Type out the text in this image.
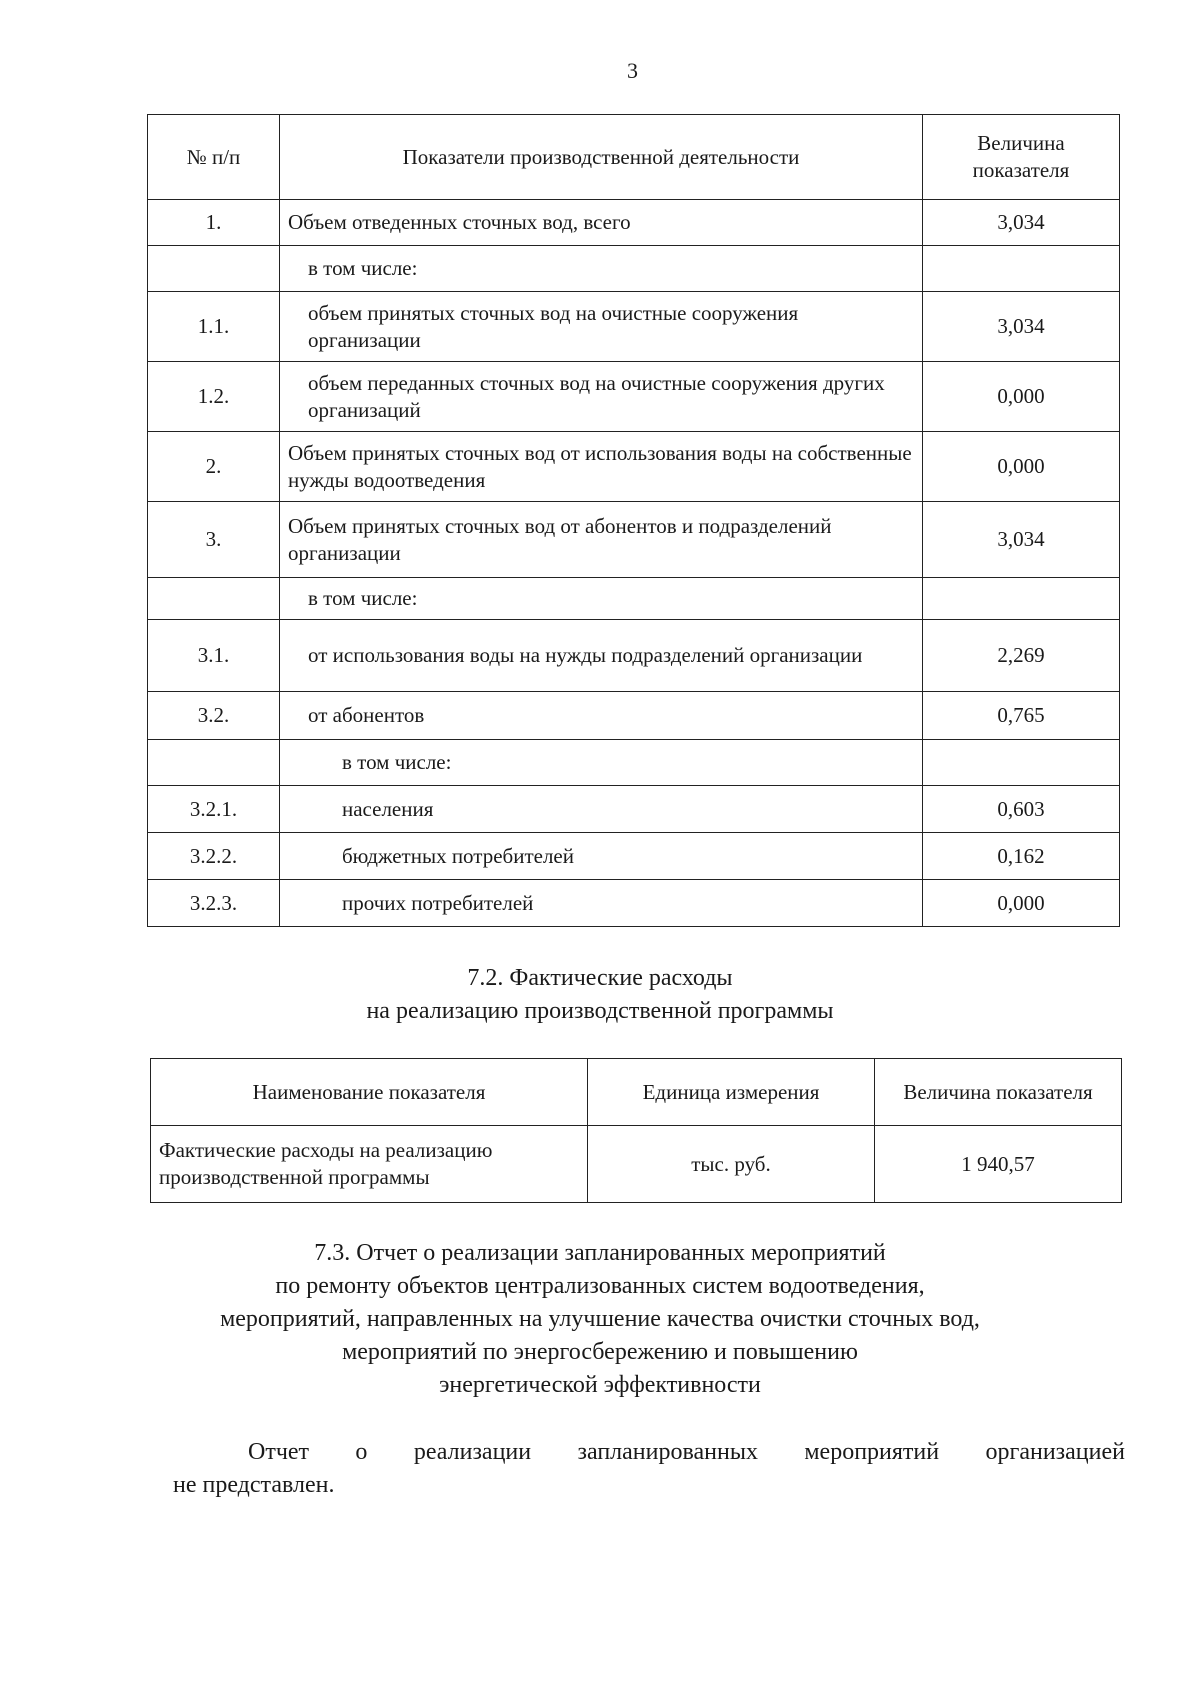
3
№ п/п	Показатели производственной деятельности	Величина показателя
1.	Объем отведенных сточных вод, всего	3,034
	в том числе:	
1.1.	объем принятых сточных вод на очистные сооружения организации	3,034
1.2.	объем переданных сточных вод на очистные сооружения других организаций	0,000
2.	Объем принятых сточных вод от использования воды на собственные нужды водоотведения	0,000
3.	Объем принятых сточных вод от абонентов и подразделений организации	3,034
	в том числе:	
3.1.	от использования воды на нужды подразделений организации	2,269
3.2.	от абонентов	0,765
	в том числе:	
3.2.1.	населения	0,603
3.2.2.	бюджетных потребителей	0,162
3.2.3.	прочих потребителей	0,000
7.2. Фактические расходы
на реализацию производственной программы
Наименование показателя	Единица измерения	Величина показателя
Фактические расходы на реализацию производственной программы	тыс. руб.	1 940,57
7.3. Отчет о реализации запланированных мероприятий
по ремонту объектов централизованных систем водоотведения,
мероприятий, направленных на улучшение качества очистки сточных вод,
мероприятий по энергосбережению и повышению
энергетической эффективности
Отчет о реализации запланированных мероприятий организацией
не представлен.
